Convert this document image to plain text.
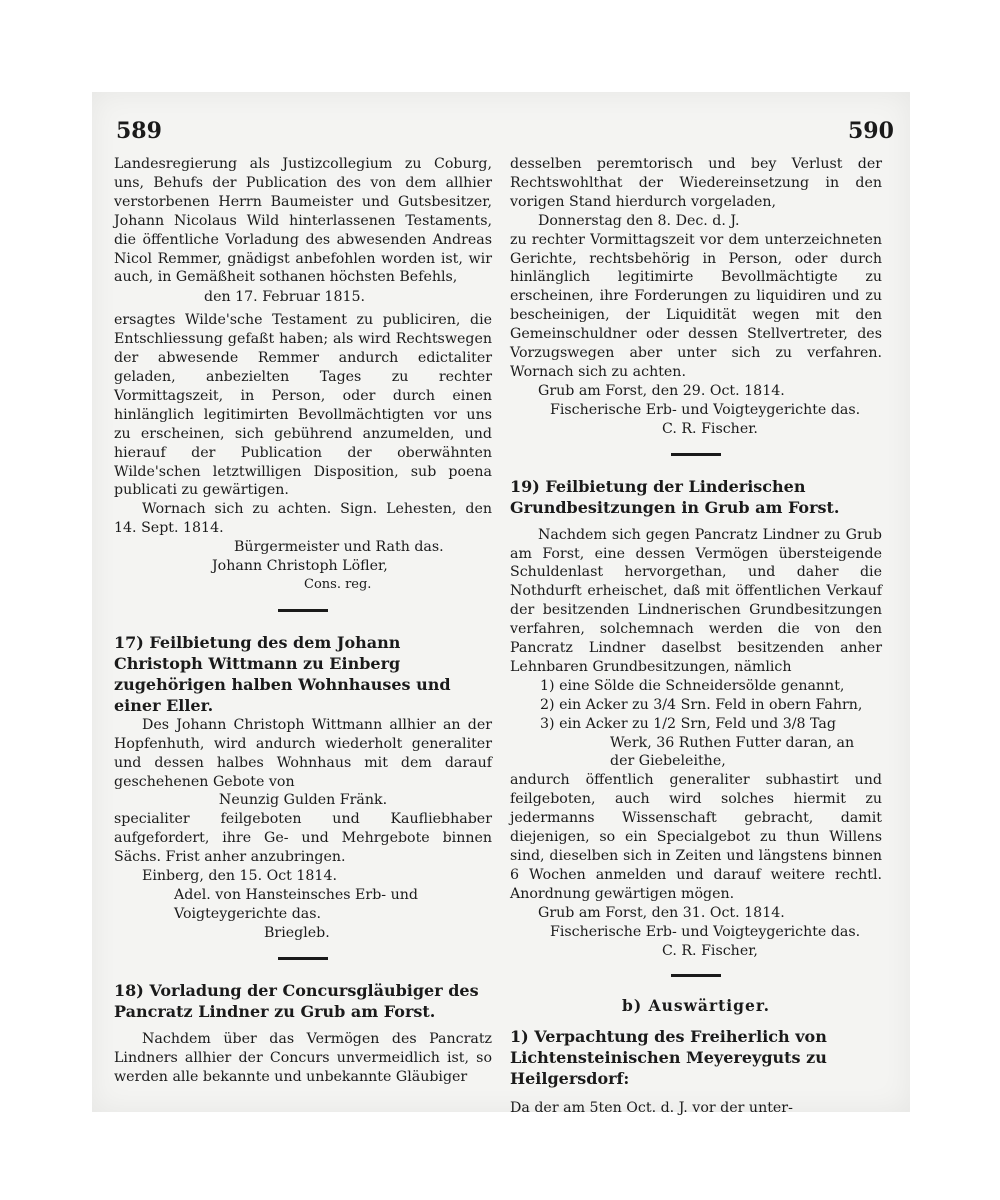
589	590

Landesregierung als Justizcollegium zu Coburg, uns, Behufs der Publication des von dem allhier verstorbenen Herrn Baumeister und Gutsbesitzer, Johann Nicolaus Wild hinterlassenen Testaments, die öffentliche Vorladung des abwesenden Andreas Nicol Remmer, gnädigst anbefohlen worden ist, wir auch, in Gemäßheit sothanen höchsten Befehls,

den 17. Februar 1815.

ersagtes Wilde'sche Testament zu publiciren, die Entschliessung gefaßt haben; als wird Rechtswegen der abwesende Remmer andurch edictaliter geladen, anbezielten Tages zu rechter Vormittagszeit, in Person, oder durch einen hinlänglich legitimirten Bevollmächtigten vor uns zu erscheinen, sich gebührend anzumelden, und hierauf der Publication der oberwähnten Wilde'schen letztwilligen Disposition, sub poena publicati zu gewärtigen.

Wornach sich zu achten. Sign. Lehesten, den 14. Sept. 1814.

Bürgermeister und Rath das.

Johann Christoph Löfler,

Cons. reg.

17) Feilbietung des dem Johann Christoph Wittmann zu Einberg zugehörigen halben Wohnhauses und einer Eller.

Des Johann Christoph Wittmann allhier an der Hopfenhuth, wird andurch wiederholt generaliter und dessen halbes Wohnhaus mit dem darauf geschehenen Gebote von

Neunzig Gulden Fränk.

specialiter feilgeboten und Kaufliebhaber aufgefordert, ihre Ge- und Mehrgebote binnen Sächs. Frist anher anzubringen.

Einberg, den 15. Oct 1814.

Adel. von Hansteinsches Erb- und Voigteygerichte das.

Briegleb.

18) Vorladung der Concursgläubiger des Pancratz Lindner zu Grub am Forst.

Nachdem über das Vermögen des Pancratz Lindners allhier der Concurs unvermeidlich ist, so werden alle bekannte und unbekannte Gläubiger

desselben peremtorisch und bey Verlust der Rechtswohlthat der Wiedereinsetzung in den vorigen Stand hierdurch vorgeladen,

Donnerstag den 8. Dec. d. J.

zu rechter Vormittagszeit vor dem unterzeichneten Gerichte, rechtsbehörig in Person, oder durch hinlänglich legitimirte Bevollmächtigte zu erscheinen, ihre Forderungen zu liquidiren und zu bescheinigen, der Liquidität wegen mit den Gemeinschuldner oder dessen Stellvertreter, des Vorzugswegen aber unter sich zu verfahren. Wornach sich zu achten.

Grub am Forst, den 29. Oct. 1814.

Fischerische Erb- und Voigteygerichte das.

C. R. Fischer.

19) Feilbietung der Linderischen Grundbesitzungen in Grub am Forst.

Nachdem sich gegen Pancratz Lindner zu Grub am Forst, eine dessen Vermögen übersteigende Schuldenlast hervorgethan, und daher die Nothdurft erheischet, daß mit öffentlichen Verkauf der besitzenden Lindnerischen Grundbesitzungen verfahren, solchemnach werden die von den Pancratz Lindner daselbst besitzenden anher Lehnbaren Grundbesitzungen, nämlich

1) eine Sölde die Schneidersölde genannt,

2) ein Acker zu 3/4 Srn. Feld in obern Fahrn,

3) ein Acker zu 1/2 Srn, Feld und 3/8 Tag

Werk, 36 Ruthen Futter daran, an

der Giebeleithe,

andurch öffentlich generaliter subhastirt und feilgeboten, auch wird solches hiermit zu jedermanns Wissenschaft gebracht, damit diejenigen, so ein Specialgebot zu thun Willens sind, dieselben sich in Zeiten und längstens binnen 6 Wochen anmelden und darauf weitere rechtl. Anordnung gewärtigen mögen.

Grub am Forst, den 31. Oct. 1814.

Fischerische Erb- und Voigteygerichte das.

C. R. Fischer,

b) Auswärtiger.

1) Verpachtung des Freiherlich von Lichtensteinischen Meyereyguts zu Heilgersdorf:

Da der am 5ten Oct. d. J. vor der unter-
